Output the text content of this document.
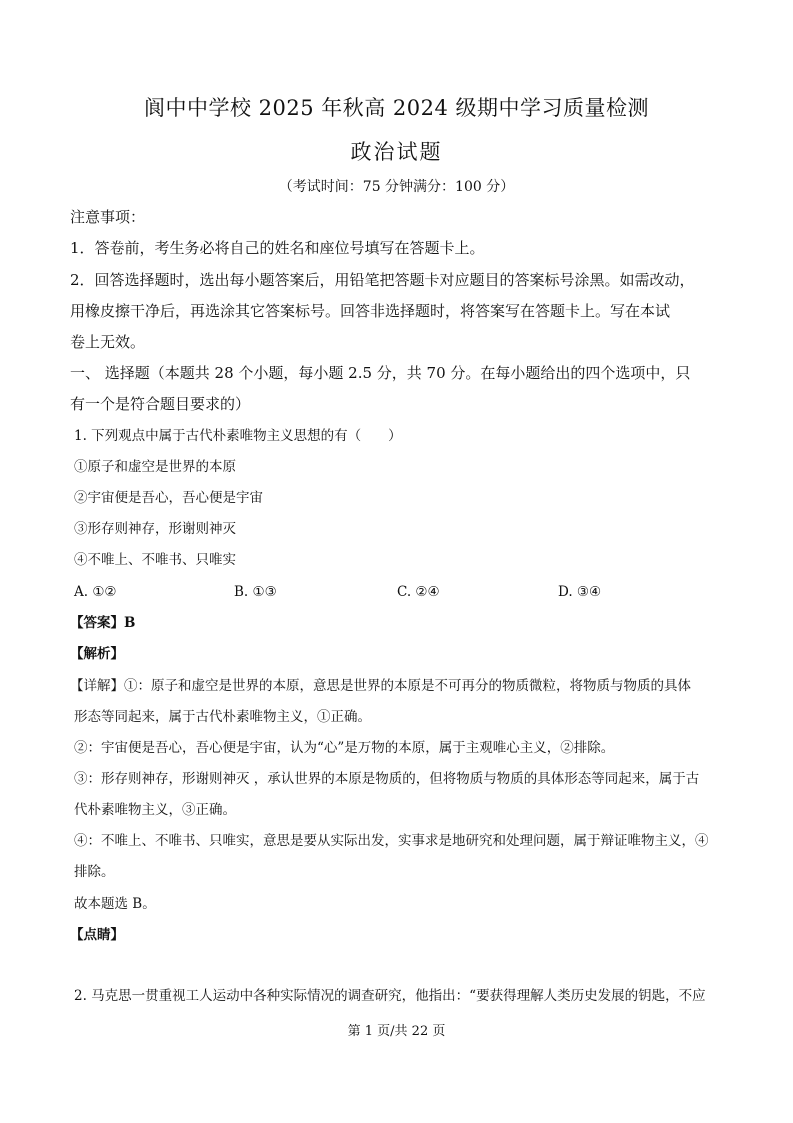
阆中中学校 2025 年秋高 2024 级期中学习质量检测
政治试题
（考试时间：75 分钟满分：100 分）
注意事项：
1．答卷前，考生务必将自己的姓名和座位号填写在答题卡上。
2．回答选择题时，选出每小题答案后，用铅笔把答题卡对应题目的答案标号涂黑。如需改动，
用橡皮擦干净后，再选涂其它答案标号。回答非选择题时，将答案写在答题卡上。写在本试
卷上无效。
一、 选择题（本题共 28 个小题，每小题 2.5 分，共 70 分。在每小题给出的四个选项中，只
有一个是符合题目要求的）
1. 下列观点中属于古代朴素唯物主义思想的有（　　）
①原子和虚空是世界的本原
②宇宙便是吾心，吾心便是宇宙
③形存则神存，形谢则神灭
④不唯上、不唯书、只唯实
A. ①②	B. ①③	C. ②④	D. ③④
【答案】B
【解析】
【详解】①：原子和虚空是世界的本原，意思是世界的本原是不可再分的物质微粒，将物质与物质的具体
形态等同起来，属于古代朴素唯物主义，①正确。
②：宇宙便是吾心，吾心便是宇宙，认为“心”是万物的本原，属于主观唯心主义，②排除。
③：形存则神存，形谢则神灭 ，承认世界的本原是物质的，但将物质与物质的具体形态等同起来，属于古
代朴素唯物主义，③正确。
④：不唯上、不唯书、只唯实，意思是要从实际出发，实事求是地研究和处理问题，属于辩证唯物主义，④
排除。
故本题选 B。
【点睛】
2. 马克思一贯重视工人运动中各种实际情况的调查研究，他指出：“要获得理解人类历史发展的钥匙，不应
第 1 页/共 22 页
